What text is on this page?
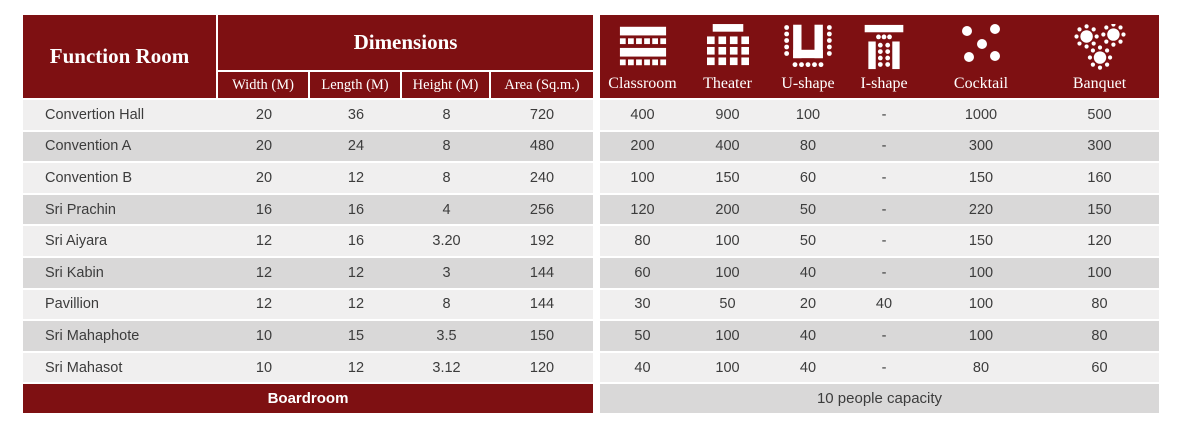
Function Room
Dimensions
Width (M)	Length (M)	Height (M)	Area (Sq.m.)
Convertion Hall	20	36	8	720
Convention A	20	24	8	480
Convention B	20	12	8	240
Sri Prachin	16	16	4	256
Sri Aiyara	12	16	3.20	192
Sri Kabin	12	12	3	144
Pavillion	12	12	8	144
Sri Mahaphote	10	15	3.5	150
Sri Mahasot	10	12	3.12	120
Boardroom
Classroom Theater U-shape I-shape	Cocktail	Banquet
400	900	100	-	1000	500
200	400	80	-	300	300
100	150	60	-	150	160
120	200	50	-	220	150
80	100	50	-	150	120
60	100	40	-	100	100
30	50	20	40	100	80
50	100	40	-	100	80
40	100	40	-	80	60
10 people capacity
